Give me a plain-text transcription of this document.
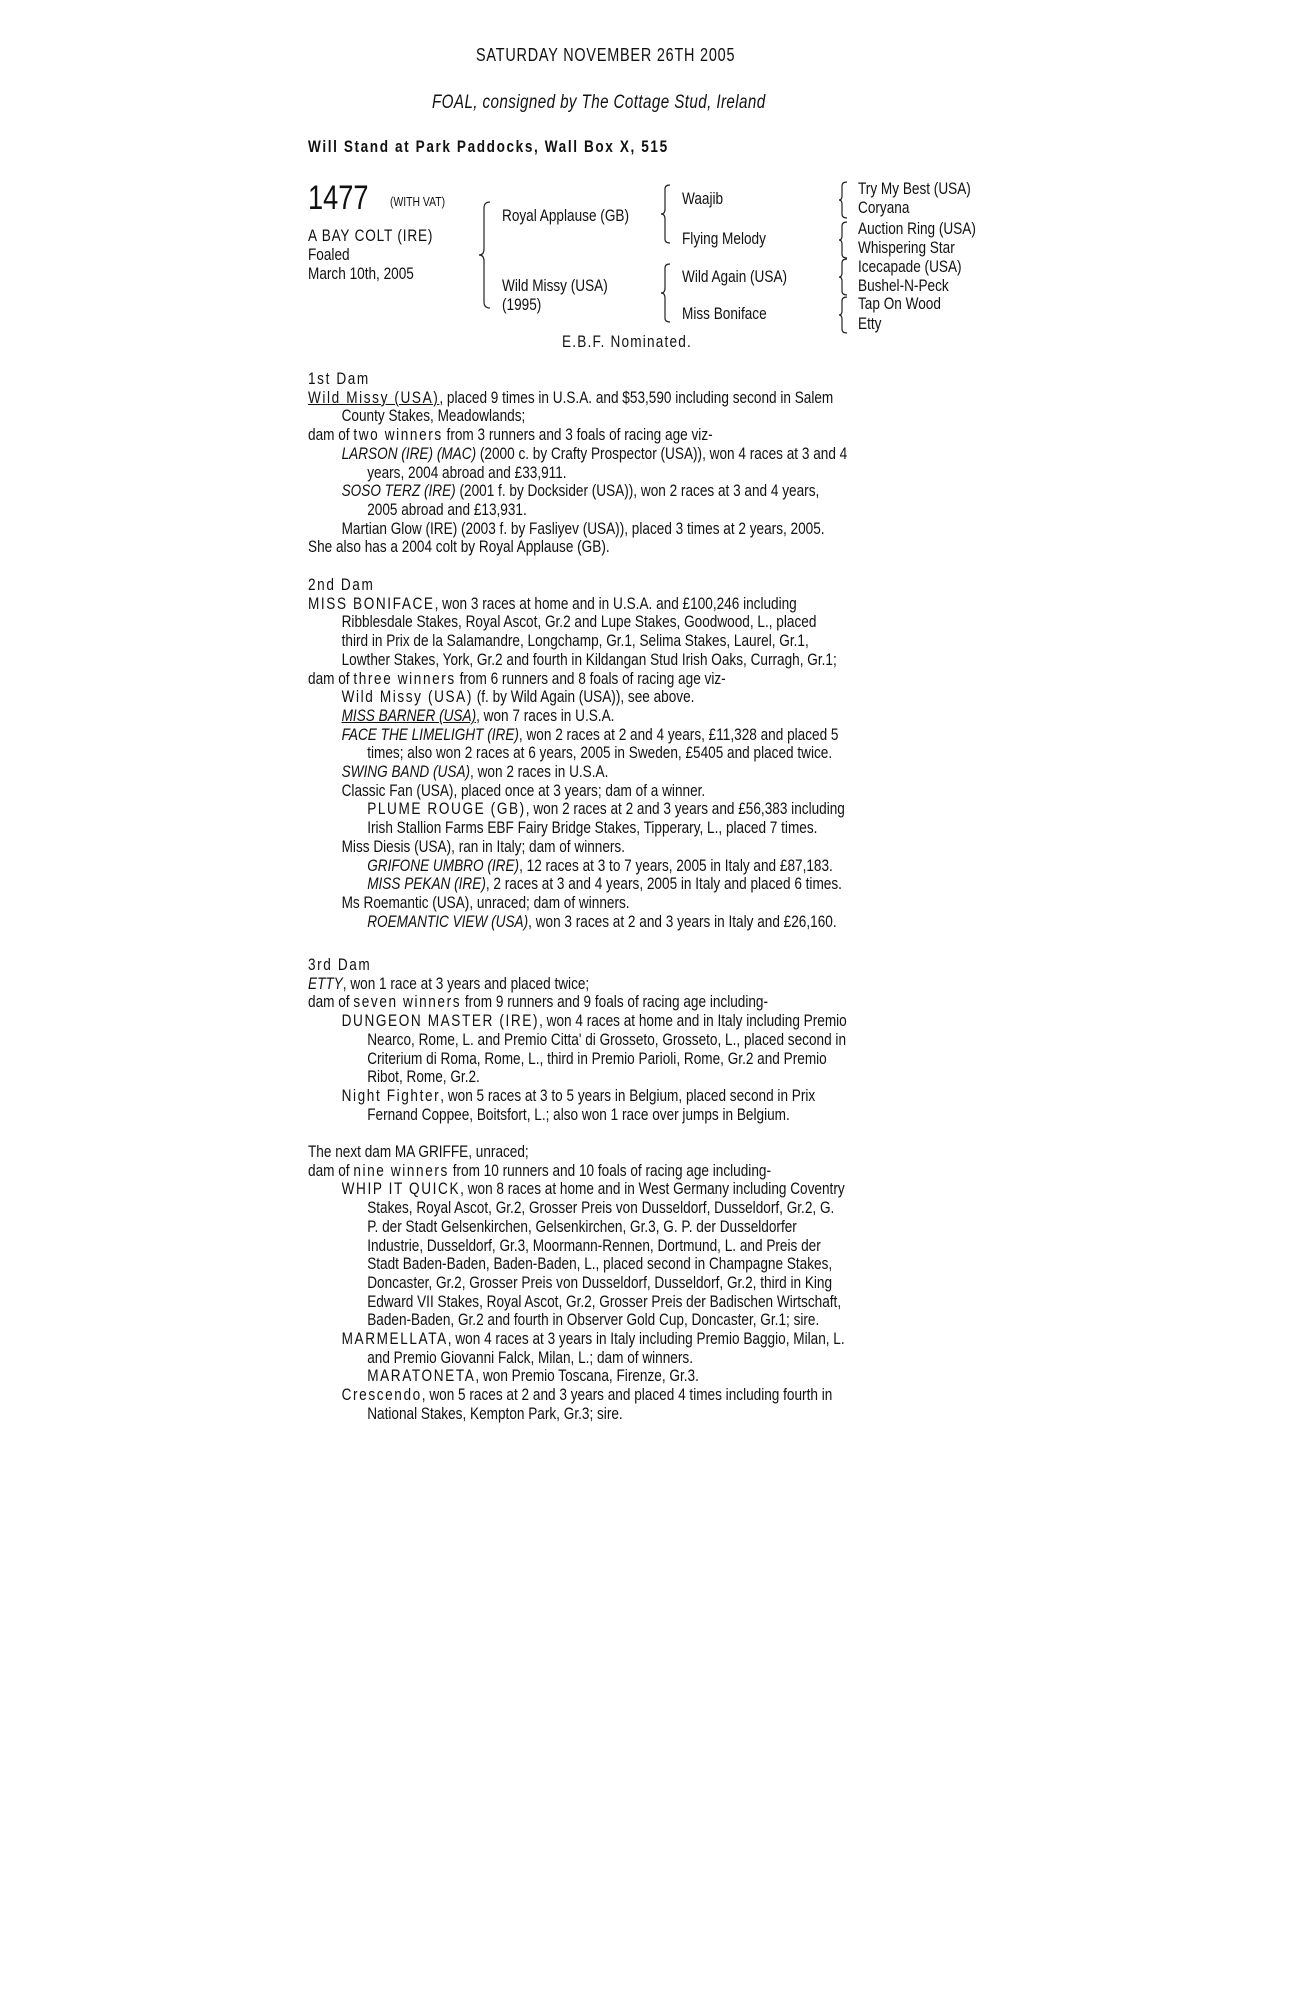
SATURDAY NOVEMBER 26TH 2005
FOAL, consigned by The Cottage Stud, Ireland
Will Stand at Park Paddocks, Wall Box X, 515
1477 (WITH VAT)
A BAY COLT (IRE)
Foaled
March 10th, 2005
Royal Applause (GB)
Wild Missy (USA)
(1995)
Waajib
Flying Melody
Wild Again (USA)
Miss Boniface
Try My Best (USA)
Coryana
Auction Ring (USA)
Whispering Star
Icecapade (USA)
Bushel-N-Peck
Tap On Wood
Etty
E.B.F. Nominated.

1st Dam

Wild Missy (USA), placed 9 times in U.S.A. and $53,590 including second in Salem

County Stakes, Meadowlands;

dam of two winners from 3 runners and 3 foals of racing age viz-

LARSON (IRE) (MAC) (2000 c. by Crafty Prospector (USA)), won 4 races at 3 and 4

years, 2004 abroad and £33,911.

SOSO TERZ (IRE) (2001 f. by Docksider (USA)), won 2 races at 3 and 4 years,

2005 abroad and £13,931.

Martian Glow (IRE) (2003 f. by Fasliyev (USA)), placed 3 times at 2 years, 2005.

She also has a 2004 colt by Royal Applause (GB).

2nd Dam

MISS BONIFACE, won 3 races at home and in U.S.A. and £100,246 including

Ribblesdale Stakes, Royal Ascot, Gr.2 and Lupe Stakes, Goodwood, L., placed

third in Prix de la Salamandre, Longchamp, Gr.1, Selima Stakes, Laurel, Gr.1,

Lowther Stakes, York, Gr.2 and fourth in Kildangan Stud Irish Oaks, Curragh, Gr.1;

dam of three winners from 6 runners and 8 foals of racing age viz-

Wild Missy (USA) (f. by Wild Again (USA)), see above.

MISS BARNER (USA), won 7 races in U.S.A.

FACE THE LIMELIGHT (IRE), won 2 races at 2 and 4 years, £11,328 and placed 5

times; also won 2 races at 6 years, 2005 in Sweden, £5405 and placed twice.

SWING BAND (USA), won 2 races in U.S.A.

Classic Fan (USA), placed once at 3 years; dam of a winner.

PLUME ROUGE (GB), won 2 races at 2 and 3 years and £56,383 including

Irish Stallion Farms EBF Fairy Bridge Stakes, Tipperary, L., placed 7 times.

Miss Diesis (USA), ran in Italy; dam of winners.

GRIFONE UMBRO (IRE), 12 races at 3 to 7 years, 2005 in Italy and £87,183.

MISS PEKAN (IRE), 2 races at 3 and 4 years, 2005 in Italy and placed 6 times.

Ms Roemantic (USA), unraced; dam of winners.

ROEMANTIC VIEW (USA), won 3 races at 2 and 3 years in Italy and £26,160.

3rd Dam

ETTY, won 1 race at 3 years and placed twice;

dam of seven winners from 9 runners and 9 foals of racing age including-

DUNGEON MASTER (IRE), won 4 races at home and in Italy including Premio

Nearco, Rome, L. and Premio Citta' di Grosseto, Grosseto, L., placed second in

Criterium di Roma, Rome, L., third in Premio Parioli, Rome, Gr.2 and Premio

Ribot, Rome, Gr.2.

Night Fighter, won 5 races at 3 to 5 years in Belgium, placed second in Prix

Fernand Coppee, Boitsfort, L.; also won 1 race over jumps in Belgium.

The next dam MA GRIFFE, unraced;

dam of nine winners from 10 runners and 10 foals of racing age including-

WHIP IT QUICK, won 8 races at home and in West Germany including Coventry

Stakes, Royal Ascot, Gr.2, Grosser Preis von Dusseldorf, Dusseldorf, Gr.2, G.

P. der Stadt Gelsenkirchen, Gelsenkirchen, Gr.3, G. P. der Dusseldorfer

Industrie, Dusseldorf, Gr.3, Moormann-Rennen, Dortmund, L. and Preis der

Stadt Baden-Baden, Baden-Baden, L., placed second in Champagne Stakes,

Doncaster, Gr.2, Grosser Preis von Dusseldorf, Dusseldorf, Gr.2, third in King

Edward VII Stakes, Royal Ascot, Gr.2, Grosser Preis der Badischen Wirtschaft,

Baden-Baden, Gr.2 and fourth in Observer Gold Cup, Doncaster, Gr.1; sire.

MARMELLATA, won 4 races at 3 years in Italy including Premio Baggio, Milan, L.

and Premio Giovanni Falck, Milan, L.; dam of winners.

MARATONETA, won Premio Toscana, Firenze, Gr.3.

Crescendo, won 5 races at 2 and 3 years and placed 4 times including fourth in

National Stakes, Kempton Park, Gr.3; sire.
